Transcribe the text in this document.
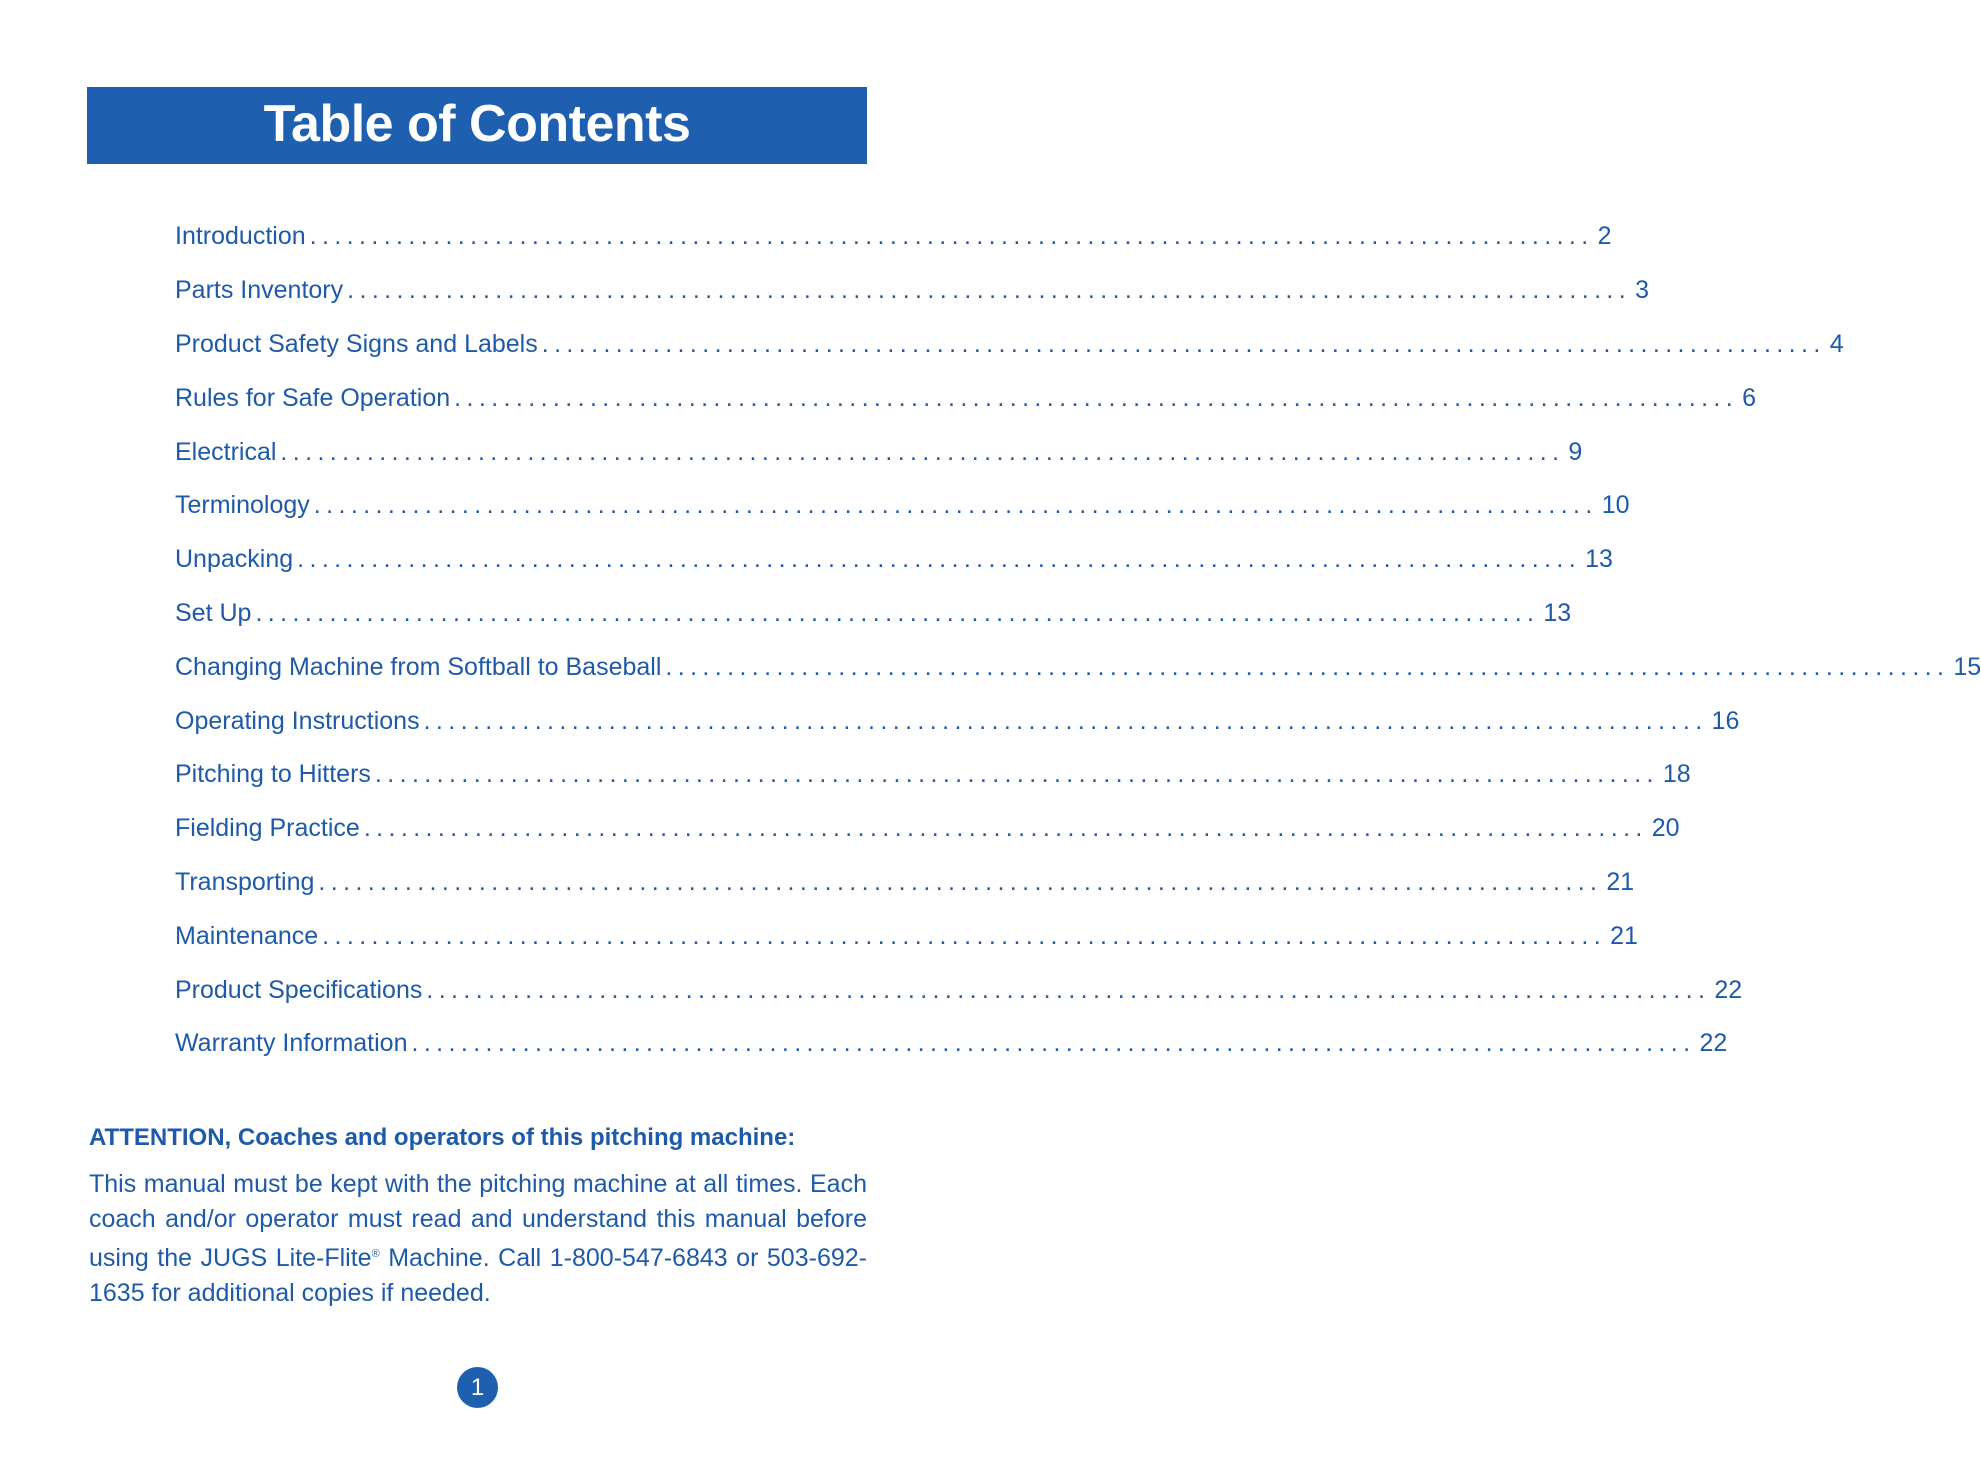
Table of Contents
Introduction ........................................................................................................ 2
Parts Inventory ........................................................................................................ 3
Product Safety Signs and Labels ........................................................................................................ 4
Rules for Safe Operation ........................................................................................................ 6
Electrical ........................................................................................................ 9
Terminology ........................................................................................................ 10
Unpacking ........................................................................................................ 13
Set Up ........................................................................................................ 13
Changing Machine from Softball to Baseball ........................................................................................................ 15
Operating Instructions ........................................................................................................ 16
Pitching to Hitters ........................................................................................................ 18
Fielding Practice ........................................................................................................ 20
Transporting ........................................................................................................ 21
Maintenance ........................................................................................................ 21
Product Specifications ........................................................................................................ 22
Warranty Information ........................................................................................................ 22

ATTENTION, Coaches and operators of this pitching machine:

This manual must be kept with the pitching machine at all times. Each coach and/or operator must read and understand this manual before using the JUGS Lite-Flite® Machine. Call 1-800-547-6843 or 503-692-1635 for additional copies if needed.

1
